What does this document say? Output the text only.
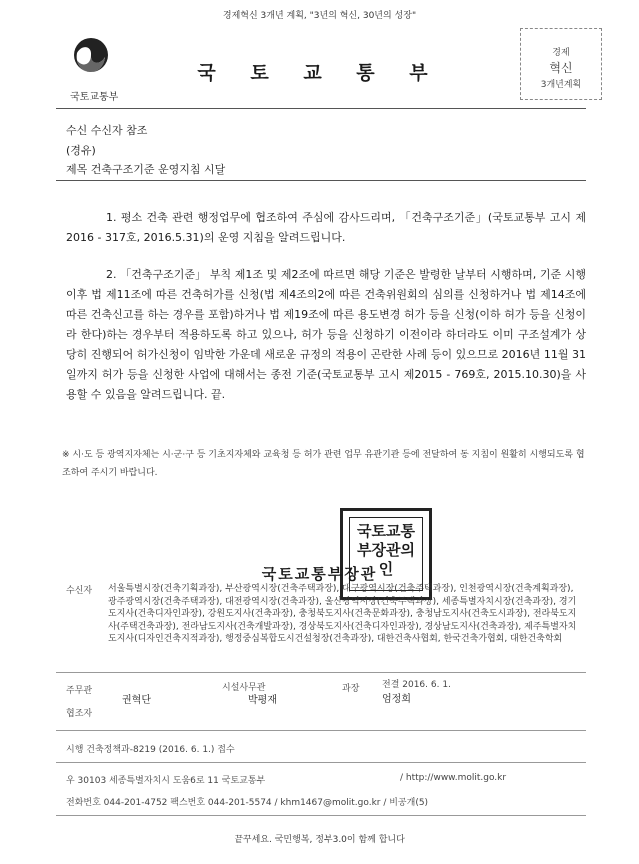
경제혁신 3개년 계획, "3년의 혁신, 30년의 성장"
국토교통부
국 토 교 통 부
경제
혁신
3개년계획
수신 수신자 참조
(경유)
제목 건축구조기준 운영지침 시달
1. 평소 건축 관련 행정업무에 협조하여 주심에 감사드리며, 「건축구조기준」(국토교통부 고시 제2016 - 317호, 2016.5.31)의 운영 지침을 알려드립니다.
2. 「건축구조기준」 부칙 제1조 및 제2조에 따르면 해당 기준은 발령한 날부터 시행하며, 기준 시행 이후 법 제11조에 따른 건축허가를 신청(법 제4조의2에 따른 건축위원회의 심의를 신청하거나 법 제14조에 따른 건축신고를 하는 경우를 포함)하거나 법 제19조에 따른 용도변경 허가 등을 신청(이하 허가 등을 신청이라 한다)하는 경우부터 적용하도록 하고 있으나, 허가 등을 신청하기 이전이라 하더라도 이미 구조설계가 상당히 진행되어 허가신청이 임박한 가운데 새로운 규정의 적용이 곤란한 사례 등이 있으므로 2016년 11월 31일까지 허가 등을 신청한 사업에 대해서는 종전 기준(국토교통부 고시 제2015 - 769호, 2015.10.30)을 사용할 수 있음을 알려드립니다. 끝.
※ 시·도 등 광역지자체는 시·군·구 등 기초지자체와 교육청 등 허가 관련 업무 유관기관 등에 전달하여 동 지침이 원활히 시행되도록 협조하여 주시기 바랍니다.
국토교통
부장관의
인
국토교통부장관
수신자 서울특별시장(건축기획과장), 부산광역시장(건축주택과장), 대구광역시장(건축주택과장), 인천광역시장(건축계획과장), 광주광역시장(건축주택과장), 대전광역시장(건축과장), 울산광역시장(건축주택과장), 세종특별자치시장(건축과장), 경기도지사(건축디자인과장), 강원도지사(건축과장), 충청북도지사(건축문화과장), 충청남도지사(건축도시과장), 전라북도지사(주택건축과장), 전라남도지사(건축개발과장), 경상북도지사(건축디자인과장), 경상남도지사(건축과장), 제주특별자치도지사(디자인건축지적과장), 행정중심복합도시건설청장(건축과장), 대한건축사협회, 한국건축가협회, 대한건축학회
주무관
권혁단
시설사무관
박평재
과장	전결 2016. 6. 1.
엄정희
협조자
시행 건축정책과-8219 (2016. 6. 1.) 접수
우 30103 세종특별자치시 도움6로 11 국토교통부	/ http://www.molit.go.kr
전화번호 044-201-4752 팩스번호 044-201-5574 / khm1467@molit.go.kr / 비공개(5)
끝꾸세요. 국민행복, 정부3.0이 함께 합니다
